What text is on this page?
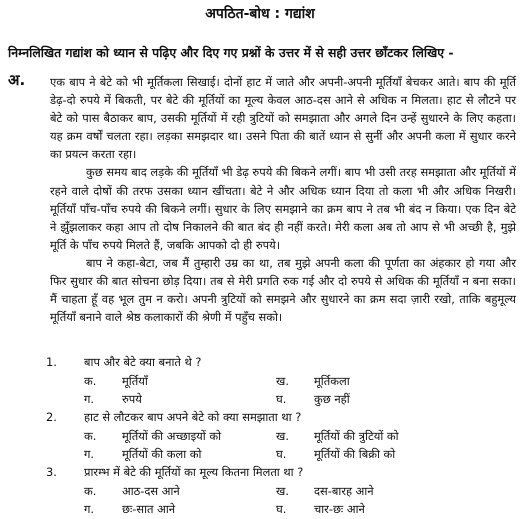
अपठित-बोध : गद्यांश
निम्नलिखित गद्यांश को ध्यान से पढ़िए और दिए गए प्रश्नों के उत्तर में से सही उत्तर छाँटकर लिखिए -
अ. एक बाप ने बेटे को भी मूर्तिकला सिखाई। दोनों हाट में जाते और अपनी-अपनी मूर्तियाँ बेचकर आते। बाप की मूर्ति डेढ़-दो रुपये में बिकती, पर बेटे की मूर्तियों का मूल्य केवल आठ-दस आने से अधिक न मिलता। हाट से लौटने पर बेटे को पास बैठाकर बाप, उसकी मूर्तियों में रही त्रुटियों को समझाता और अगले दिन उन्हें सुधारने के लिए कहता।यह क्रम वर्षों चलता रहा। लड़का समझदार था। उसने पिता की बातें ध्यान से सुनीं और अपनी कला में सुधार करने का प्रयत्न करता रहा।

कुछ समय बाद लड़के की मूर्तियाँ भी डेढ़ रुपये की बिकने लगीं। बाप भी उसी तरह समझाता और मूर्तियों में रहने वाले दोषों की तरफ उसका ध्यान खींचता। बेटे ने और अधिक ध्यान दिया तो कला भी और अधिक निखरी। मूर्तियाँ पाँच-पाँच रुपये की बिकने लगीं। सुधार के लिए समझाने का क्रम बाप ने तब भी बंद न किया। एक दिन बेटे ने झुँझलाकर कहा आप तो दोष निकालने की बात बंद ही नहीं करते। मेरी कला अब तो आप से भी अच्छी है, मुझे मूर्ति के पाँच रुपये मिलते हैं, जबकि आपको दो ही रुपये।

बाप ने कहा-बेटा, जब मैं तुम्हारी उम्र का था, तब मुझे अपनी कला की पूर्णता का अंहकार हो गया और फिर सुधार की बात सोचना छोड़ दिया। तब से मेरी प्रगति रुक गई और दो रुपये से अधिक की मूर्तियाँ न बना सका। मैं चाहता हूँ वह भूल तुम न करो। अपनी त्रुटियों को समझने और सुधारने का क्रम सदा ज़ारी रखो, ताकि बहुमूल्य मूर्तियाँ बनाने वाले श्रेष्ठ कलाकारों की श्रेणी में पहुँच सको।

1. बाप और बेटे क्या बनाते थे ?
क. मूर्तियाँ	ख. मूर्तिकला
ग. रुपये	घ. कुछ नहीं
2. हाट से लौटकर बाप अपने बेटे को क्या समझाता था ?
क. मूर्तियों की अच्छाइयों को	ख. मूर्तियों की त्रुटियों को
ग. मूर्तियों की कला को	घ. मूर्तियों की बिक्री को
3. प्रारम्भ में बेटे की मूर्तियों का मूल्य कितना मिलता था ?
क. आठ-दस आने	ख. दस-बारह आने
ग. छः-सात आने	घ. चार-छः आने
